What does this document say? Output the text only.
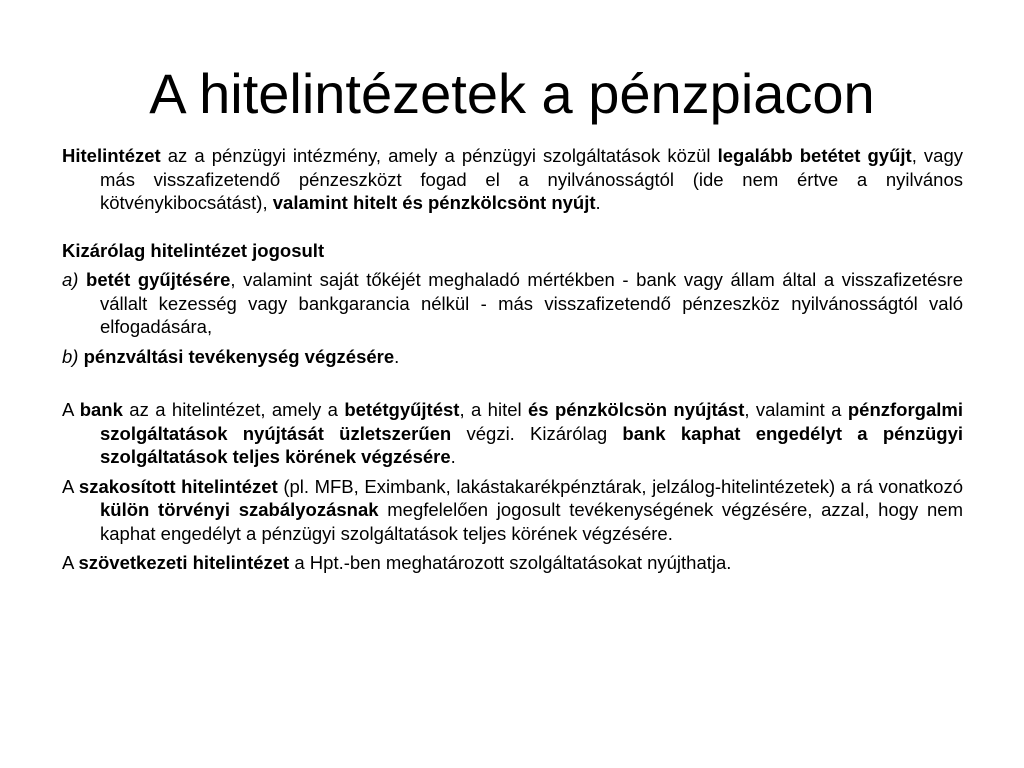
A hitelintézetek a pénzpiacon

Hitelintézet az a pénzügyi intézmény, amely a pénzügyi szolgáltatások közül legalább betétet gyűjt, vagy más visszafizetendő pénzeszközt fogad el a nyilvánosságtól (ide nem értve a nyilvános kötvénykibocsátást), valamint hitelt és pénzkölcsönt nyújt.

Kizárólag hitelintézet jogosult

a) betét gyűjtésére, valamint saját tőkéjét meghaladó mértékben - bank vagy állam által a visszafizetésre vállalt kezesség vagy bankgarancia nélkül - más visszafizetendő pénzeszköz nyilvánosságtól való elfogadására,

b) pénzváltási tevékenység végzésére.

A bank az a hitelintézet, amely a betétgyűjtést, a hitel és pénzkölcsön nyújtást, valamint a pénzforgalmi szolgáltatások nyújtását üzletszerűen végzi. Kizárólag bank kaphat engedélyt a pénzügyi szolgáltatások teljes körének végzésére.

A szakosított hitelintézet (pl. MFB, Eximbank, lakástakarékpénztárak, jelzálog-hitelintézetek) a rá vonatkozó külön törvényi szabályozásnak megfelelően jogosult tevékenységének végzésére, azzal, hogy nem kaphat engedélyt a pénzügyi szolgáltatások teljes körének végzésére.

A szövetkezeti hitelintézet a Hpt.-ben meghatározott szolgáltatásokat nyújthatja.
